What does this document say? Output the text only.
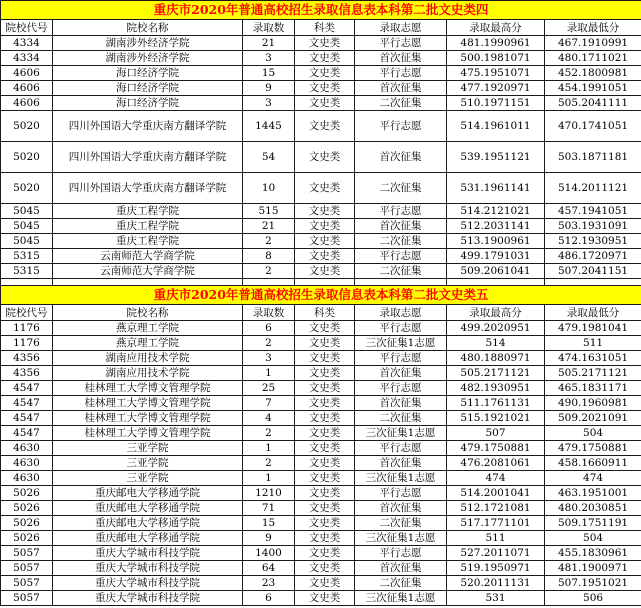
重庆市2020年普通高校招生录取信息表本科第二批文史类四						
院校代号	院校名称	录取数	科类	录取志愿	录取最高分	录取最低分
4334	湖南涉外经济学院	21	文史类	平行志愿	481.1990961	467.1910991
4334	湖南涉外经济学院	3	文史类	首次征集	500.1981071	480.1711021
4606	海口经济学院	15	文史类	平行志愿	475.1951071	452.1800981
4606	海口经济学院	9	文史类	首次征集	477.1920971	454.1991051
4606	海口经济学院	3	文史类	二次征集	510.1971151	505.2041111
5020	四川外国语大学重庆南方翻译学院	1445	文史类	平行志愿	514.1961011	470.1741051
5020	四川外国语大学重庆南方翻译学院	54	文史类	首次征集	539.1951121	503.1871181
5020	四川外国语大学重庆南方翻译学院	10	文史类	二次征集	531.1961141	514.2011121
5045	重庆工程学院	515	文史类	平行志愿	514.2121021	457.1941051
5045	重庆工程学院	21	文史类	首次征集	512.2031141	503.1931091
5045	重庆工程学院	2	文史类	二次征集	513.1900961	512.1930951
5315	云南师范大学商学院	8	文史类	平行志愿	499.1791031	486.1720971
5315	云南师范大学商学院	2	文史类	二次征集	509.2061041	507.2041151

重庆市2020年普通高校招生录取信息表本科第二批文史类五						
院校代号	院校名称	录取数	科类	录取志愿	录取最高分	录取最低分
1176	燕京理工学院	6	文史类	平行志愿	499.2020951	479.1981041
1176	燕京理工学院	2	文史类	三次征集1志愿	514	511
4356	湖南应用技术学院	3	文史类	平行志愿	480.1880971	474.1631051
4356	湖南应用技术学院	1	文史类	首次征集	505.2171121	505.2171121
4547	桂林理工大学博文管理学院	25	文史类	平行志愿	482.1930951	465.1831171
4547	桂林理工大学博文管理学院	7	文史类	首次征集	511.1761131	490.1960981
4547	桂林理工大学博文管理学院	4	文史类	二次征集	515.1921021	509.2021091
4547	桂林理工大学博文管理学院	2	文史类	三次征集1志愿	507	504
4630	三亚学院	1	文史类	平行志愿	479.1750881	479.1750881
4630	三亚学院	2	文史类	首次征集	476.2081061	458.1660911
4630	三亚学院	1	文史类	三次征集1志愿	474	474
5026	重庆邮电大学移通学院	1210	文史类	平行志愿	514.2001041	463.1951001
5026	重庆邮电大学移通学院	71	文史类	首次征集	512.1721081	480.2030851
5026	重庆邮电大学移通学院	15	文史类	二次征集	517.1771101	509.1751191
5026	重庆邮电大学移通学院	9	文史类	三次征集1志愿	511	504
5057	重庆大学城市科技学院	1400	文史类	平行志愿	527.2011071	455.1830961
5057	重庆大学城市科技学院	64	文史类	首次征集	519.1950971	481.1900971
5057	重庆大学城市科技学院	23	文史类	二次征集	520.2011131	507.1951021
5057	重庆大学城市科技学院	6	文史类	三次征集1志愿	531	506
